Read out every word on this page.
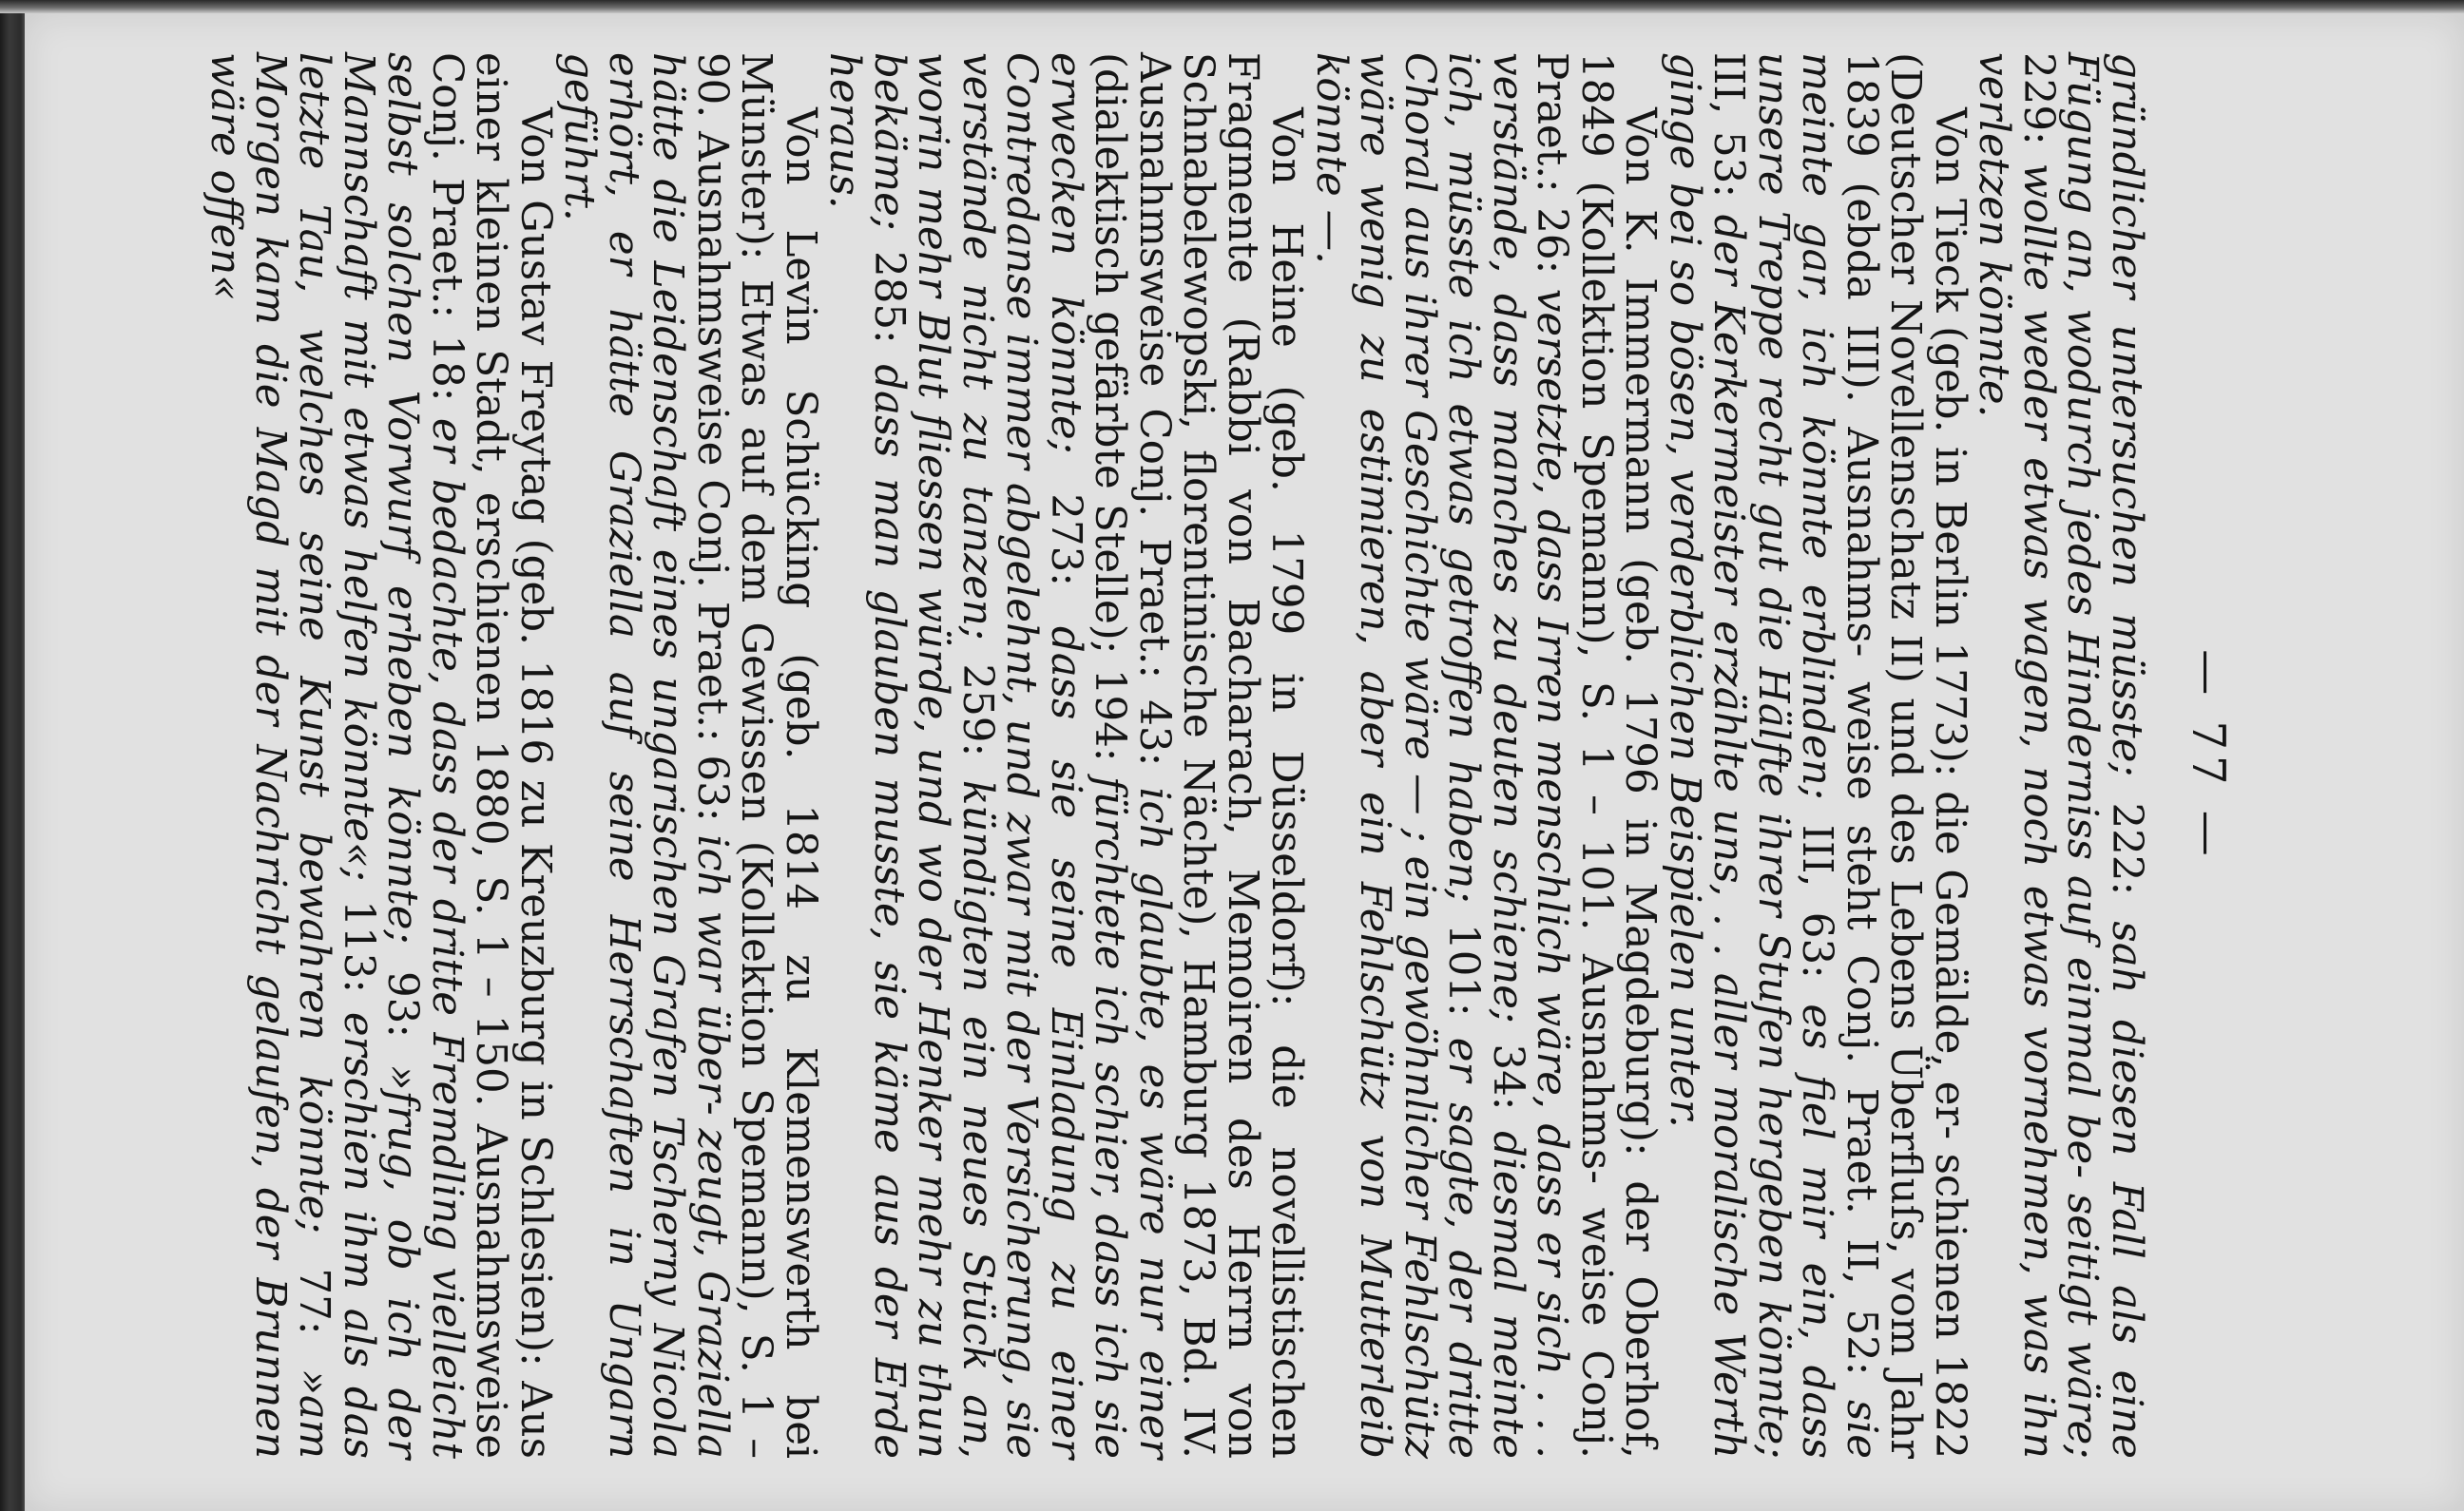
— 77 —

gründlicher untersuchen müsste; 222: sah diesen Fall als eine Fügung an, wodurch jedes Hinderniss auf einmal be- seitigt wäre; 229: wollte weder etwas wagen, noch etwas vornehmen, was ihn verletzen könnte.

Von Tieck (geb. in Berlin 1773): die Gemälde, er- schienen 1822 (Deutscher Novellenschatz II) und des Lebens Überfluſs, vom Jahr 1839 (ebda III). Ausnahms- weise steht Conj. Praet. II, 52: sie meinte gar, ich könnte erblinden; III, 63: es fiel mir ein, dass unsere Treppe recht gut die Hälfte ihrer Stufen hergeben könnte; III, 53: der Kerkermeister erzählte uns, . . aller moralische Werth ginge bei so bösen, verderblichen Beispielen unter.

Von K. Immermann (geb. 1796 in Magdeburg): der Oberhof, 1849 (Kollektion Spemann), S. 1 – 101. Ausnahms- weise Conj. Praet.: 26: versetzte, dass Irren menschlich wäre, dass er sich . . . verstände, dass manches zu deuten schiene; 34: diesmal meinte ich, müsste ich etwas getroffen haben; 101: er sagte, der dritte Choral aus ihrer Geschichte wäre — ; ein gewöhnlicher Fehlschütz wäre wenig zu estimieren, aber ein Fehlschütz von Mutterleib könnte —.

Von Heine (geb. 1799 in Düsseldorf): die novellistischen Fragmente (Rabbi von Bacharach, Memoiren des Herrn von Schnabelewopski, florentinische Nächte), Hamburg 1873, Bd. IV. Ausnahmsweise Conj. Praet.: 43: ich glaubte, es wäre nur einer (dialektisch gefärbte Stelle); 194: fürchtete ich schier, dass ich sie erwecken könnte; 273: dass sie seine Einladung zu einer Contredanse immer abgelehnt, und zwar mit der Versicherung, sie verstände nicht zu tanzen; 259: kündigten ein neues Stück an, worin mehr Blut fliessen würde, und wo der Henker mehr zu thun bekäme; 285: dass man glauben musste, sie käme aus der Erde heraus.

Von Levin Schücking (geb. 1814 zu Klemenswerth bei Münster): Etwas auf dem Gewissen (Kollektion Spemann), S. 1 – 90. Ausnahmsweise Conj. Praet.: 63: ich war über- zeugt, Graziella hätte die Leidenschaft eines ungarischen Grafen Tscherny Nicola erhört, er hätte Graziella auf seine Herrschaften in Ungarn geführt.

Von Gustav Freytag (geb. 1816 zu Kreuzburg in Schlesien): Aus einer kleinen Stadt, erschienen 1880, S. 1 – 150. Ausnahmsweise Conj. Praet.: 18: er bedachte, dass der dritte Fremdling vielleicht selbst solchen Vorwurf erheben könnte; 93: »frug, ob ich der Mannschaft mit etwas helfen könnte«; 113: erschien ihm als das letzte Tau, welches seine Kunst bewahren könnte; 77: »am Morgen kam die Magd mit der Nachricht gelaufen, der Brunnen wäre offen«
